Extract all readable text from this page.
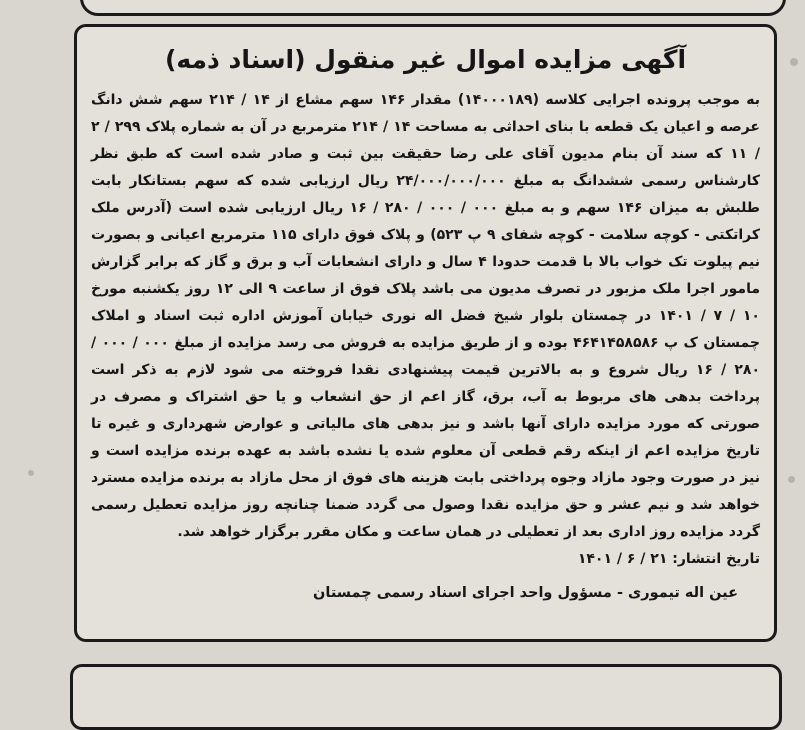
آگهی مزایده اموال غیر منقول (اسناد ذمه)

به موجب پرونده اجرایی کلاسه (۱۴۰۰۰۱۸۹) مقدار ۱۴۶ سهم مشاع از ۱۴ / ۲۱۴ سهم شش دانگ عرصه و اعیان یک قطعه با بنای احداثی به مساحت ۱۴ / ۲۱۴ مترمربع در آن به شماره پلاک ۲۹۹ / ۲ / ۱۱ که سند آن بنام مدیون آقای علی رضا حقیقت بین ثبت و صادر شده است که طبق نظر کارشناس رسمی ششدانگ به مبلغ ۲۴/۰۰۰/۰۰۰/۰۰۰ ریال ارزیابی شده که سهم بستانکار بابت طلبش به میزان ۱۴۶ سهم و به مبلغ ۰۰۰ / ۰۰۰ / ۲۸۰ / ۱۶ ریال ارزیابی شده است (آدرس ملک کراتکتی - کوچه سلامت - کوچه شفای ۹ پ ۵۲۳) و پلاک فوق دارای ۱۱۵ مترمربع اعیانی و بصورت نیم پیلوت تک خواب بالا با قدمت حدودا ۴ سال و دارای انشعابات آب و برق و گاز که برابر گزارش مامور اجرا ملک مزبور در تصرف مدیون می باشد پلاک فوق از ساعت ۹ الی ۱۲ روز یکشنبه مورخ ۱۰ / ۷ / ۱۴۰۱ در چمستان بلوار شیخ فضل اله نوری خیابان آموزش اداره ثبت اسناد و املاک چمستان ک پ ۴۶۴۱۴۵۸۵۸۶ بوده و از طریق مزایده به فروش می رسد مزایده از مبلغ ۰۰۰ / ۰۰۰ / ۲۸۰ / ۱۶ ریال شروع و به بالاترین قیمت پیشنهادی نقدا فروخته می شود لازم به ذکر است پرداخت بدهی های مربوط به آب، برق، گاز اعم از حق انشعاب و یا حق اشتراک و مصرف در صورتی که مورد مزایده دارای آنها باشد و نیز بدهی های مالیاتی و عوارض شهرداری و غیره تا تاریخ مزایده اعم از اینکه رقم قطعی آن معلوم شده یا نشده باشد به عهده برنده مزایده است و نیز در صورت وجود مازاد وجوه پرداختی بابت هزینه های فوق از محل مازاد به برنده مزایده مسترد خواهد شد و نیم عشر و حق مزایده نقدا وصول می گردد ضمنا چنانچه روز مزایده تعطیل رسمی گردد مزایده روز اداری بعد از تعطیلی در همان ساعت و مکان مقرر برگزار خواهد شد.

تاریخ انتشار: ۲۱ / ۶ / ۱۴۰۱
عین اله تیموری - مسؤول واحد اجرای اسناد رسمی چمستان
